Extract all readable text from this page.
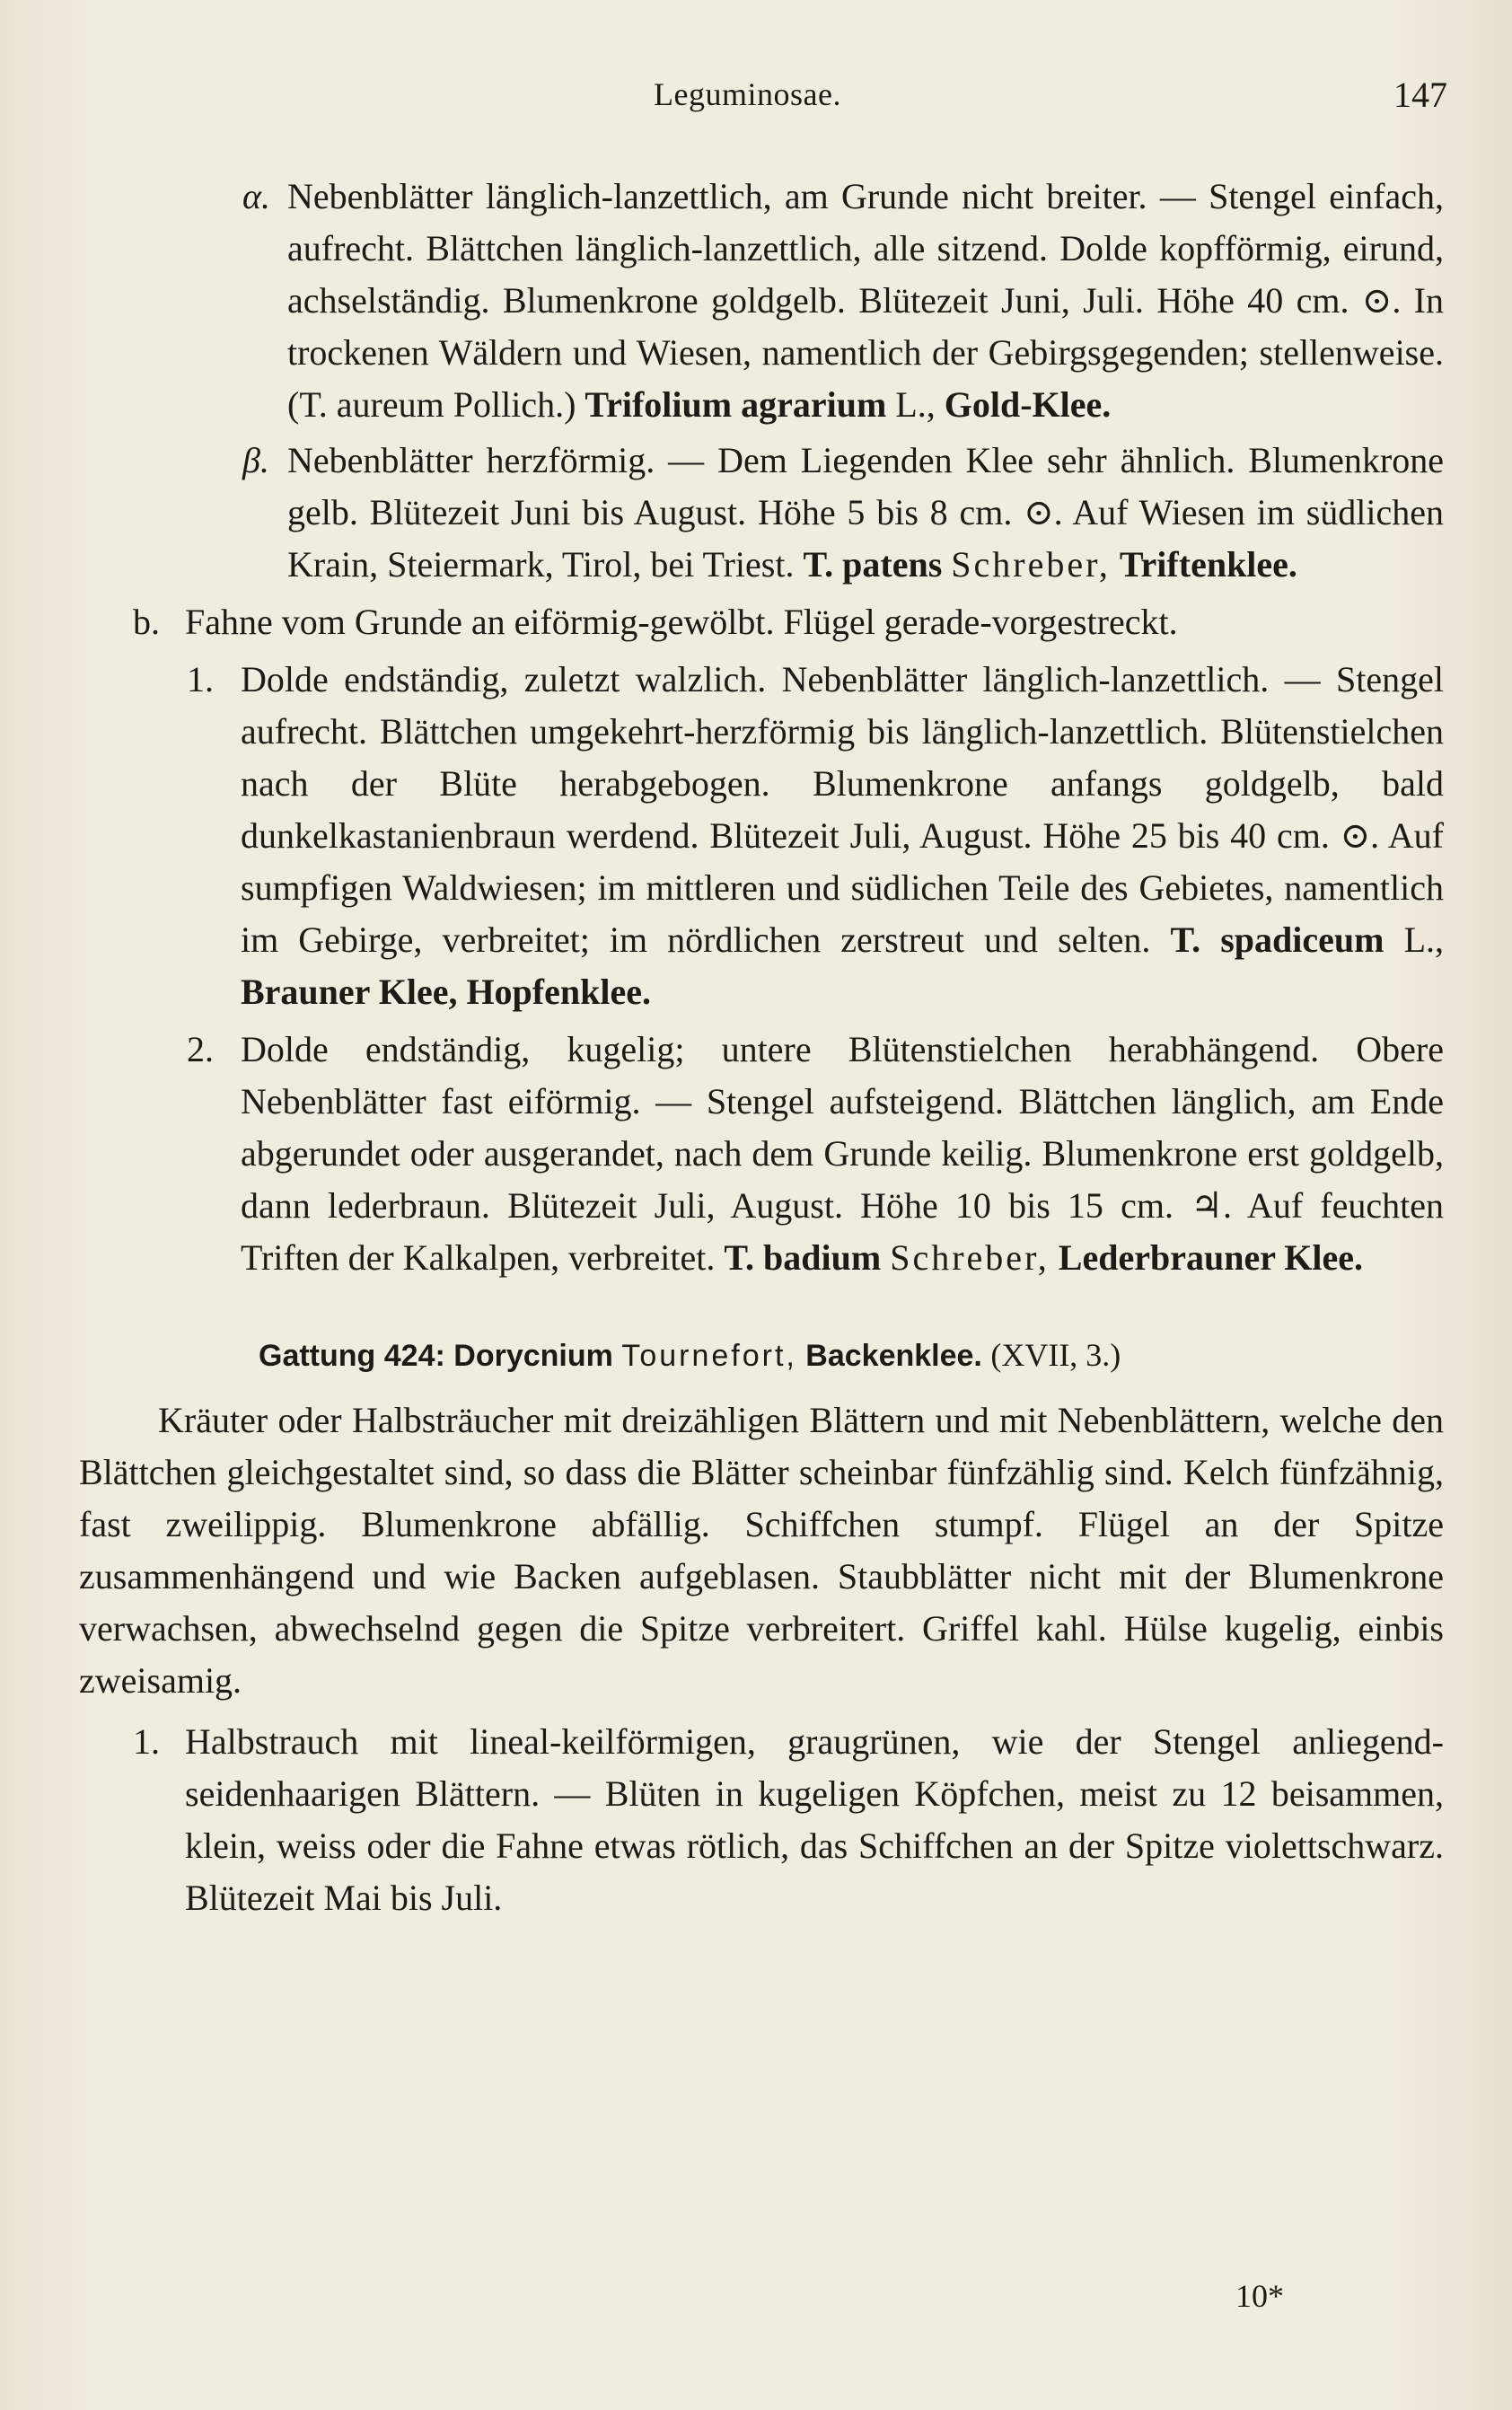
Leguminosae.	147

α. Nebenblätter länglich-lanzettlich, am Grunde nicht breiter. — Stengel einfach, aufrecht. Blättchen länglich-lanzettlich, alle sitzend. Dolde kopfförmig, eirund, achselständig. Blumenkrone goldgelb. Blütezeit Juni, Juli. Höhe 40 cm. ⊙. In trockenen Wäldern und Wiesen, namentlich der Gebirgsgegenden; stellenweise. (T. aureum Pollich.) Trifolium agrarium L., Gold-Klee.

β. Nebenblätter herzförmig. — Dem Liegenden Klee sehr ähnlich. Blumenkrone gelb. Blütezeit Juni bis August. Höhe 5 bis 8 cm. ⊙. Auf Wiesen im südlichen Krain, Steiermark, Tirol, bei Triest. T. patens Schreber, Triftenklee.

b. Fahne vom Grunde an eiförmig-gewölbt. Flügel gerade-vorgestreckt.

1. Dolde endständig, zuletzt walzlich. Nebenblätter länglich-lanzettlich. — Stengel aufrecht. Blättchen umgekehrt-herzförmig bis länglich-lanzettlich. Blütenstielchen nach der Blüte herabgebogen. Blumenkrone anfangs goldgelb, bald dunkelkastanienbraun werdend. Blütezeit Juli, August. Höhe 25 bis 40 cm. ⊙. Auf sumpfigen Waldwiesen; im mittleren und südlichen Teile des Gebietes, namentlich im Gebirge, verbreitet; im nördlichen zerstreut und selten. T. spadiceum L., Brauner Klee, Hopfenklee.

2. Dolde endständig, kugelig; untere Blütenstielchen herabhängend. Obere Nebenblätter fast eiförmig. — Stengel aufsteigend. Blättchen länglich, am Ende abgerundet oder ausgerandet, nach dem Grunde keilig. Blumenkrone erst goldgelb, dann lederbraun. Blütezeit Juli, August. Höhe 10 bis 15 cm. ♃. Auf feuchten Triften der Kalkalpen, verbreitet. T. badium Schreber, Lederbrauner Klee.

Gattung 424: Dorycnium Tournefort, Backenklee. (XVII, 3.)

Kräuter oder Halbsträucher mit dreizähligen Blättern und mit Nebenblättern, welche den Blättchen gleichgestaltet sind, so dass die Blätter scheinbar fünfzählig sind. Kelch fünfzähnig, fast zweilippig. Blumenkrone abfällig. Schiffchen stumpf. Flügel an der Spitze zusammenhängend und wie Backen aufgeblasen. Staubblätter nicht mit der Blumenkrone verwachsen, abwechselnd gegen die Spitze verbreitert. Griffel kahl. Hülse kugelig, einbis zweisamig.

1. Halbstrauch mit lineal-keilförmigen, graugrünen, wie der Stengel anliegend-seidenhaarigen Blättern. — Blüten in kugeligen Köpfchen, meist zu 12 beisammen, klein, weiss oder die Fahne etwas rötlich, das Schiffchen an der Spitze violettschwarz. Blütezeit Mai bis Juli.

10*
